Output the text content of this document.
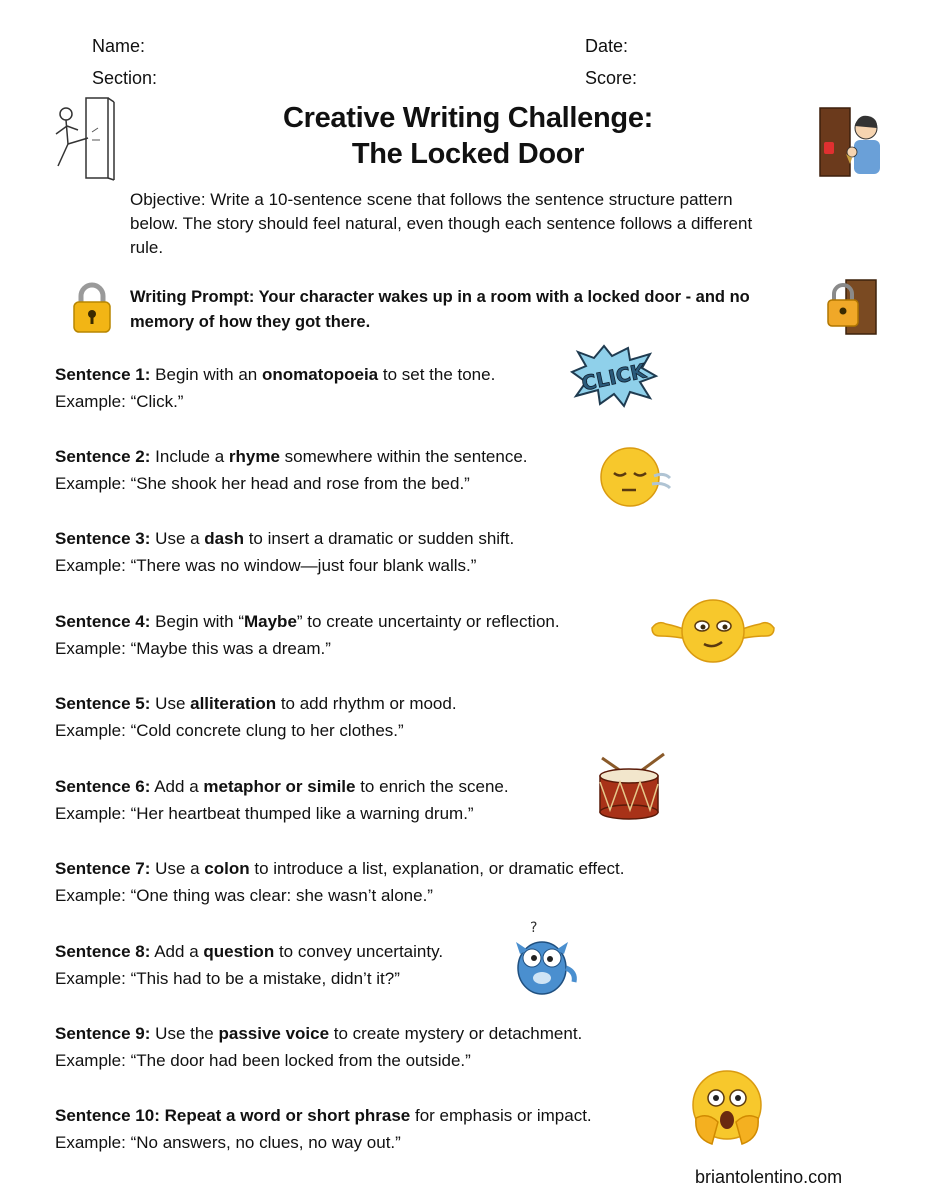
Name:	Date:
Section:	Score:
Creative Writing Challenge:
The Locked Door
Objective: Write a 10-sentence scene that follows the sentence structure pattern below. The story should feel natural, even though each sentence follows a different rule.
Writing Prompt: Your character wakes up in a room with a locked door - and no memory of how they got there.
Sentence 1: Begin with an onomatopoeia to set the tone.
Example: “Click.”
Sentence 2: Include a rhyme somewhere within the sentence.
Example: “She shook her head and rose from the bed.”
Sentence 3: Use a dash to insert a dramatic or sudden shift.
Example: “There was no window—just four blank walls.”
Sentence 4: Begin with “Maybe” to create uncertainty or reflection.
Example: “Maybe this was a dream.”
Sentence 5: Use alliteration to add rhythm or mood.
Example: “Cold concrete clung to her clothes.”
Sentence 6: Add a metaphor or simile to enrich the scene.
Example: “Her heartbeat thumped like a warning drum.”
Sentence 7: Use a colon to introduce a list, explanation, or dramatic effect.
Example: “One thing was clear: she wasn’t alone.”
Sentence 8: Add a question to convey uncertainty.
Example: “This had to be a mistake, didn’t it?”
Sentence 9: Use the passive voice to create mystery or detachment.
Example: “The door had been locked from the outside.”
Sentence 10: Repeat a word or short phrase for emphasis or impact.
Example: “No answers, no clues, no way out.”
CLICK
?
briantolentino.com
